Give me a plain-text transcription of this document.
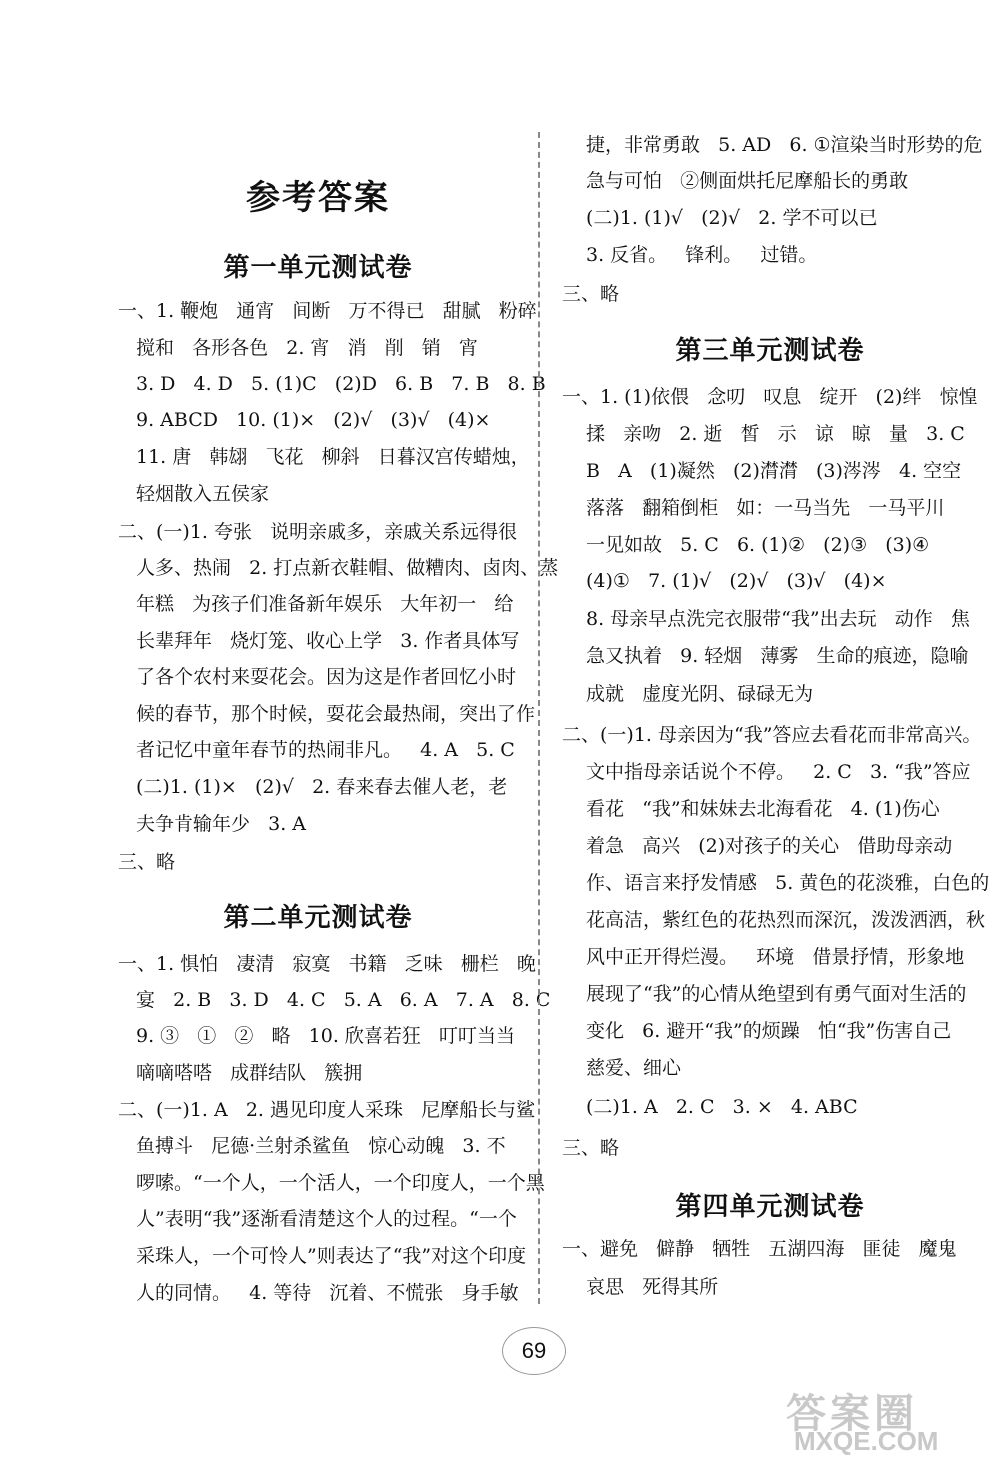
参考答案
第一单元测试卷
第二单元测试卷
一、1. 鞭炮   通宵   间断   万不得已   甜腻   粉碎
搅和   各形各色   2. 宵   消   削   销   宵
3. D   4. D   5. (1)C   (2)D   6. B   7. B   8. B
9. ABCD   10. (1)×   (2)√   (3)√   (4)×
11. 唐   韩翃   飞花   柳斜   日暮汉宫传蜡烛，
轻烟散入五侯家
二、(一)1. 夸张   说明亲戚多，亲戚关系远得很
人多、热闹   2. 打点新衣鞋帽、做糟肉、卤肉、蒸
年糕   为孩子们准备新年娱乐   大年初一   给
长辈拜年   烧灯笼、收心上学   3. 作者具体写
了各个农村来耍花会。因为这是作者回忆小时
候的春节，那个时候，耍花会最热闹，突出了作
者记忆中童年春节的热闹非凡。   4. A   5. C
(二)1. (1)×   (2)√   2. 春来春去催人老，老
夫争肯输年少   3. A
三、略
一、1. 惧怕   凄清   寂寞   书籍   乏味   栅栏   晚
宴   2. B   3. D   4. C   5. A   6. A   7. A   8. C
9. ③   ①   ②   略   10. 欣喜若狂   叮叮当当
嘀嘀嗒嗒   成群结队   簇拥
二、(一)1. A   2. 遇见印度人采珠   尼摩船长与鲨
鱼搏斗   尼德·兰射杀鲨鱼   惊心动魄   3. 不
啰嗦。“一个人，一个活人，一个印度人，一个黑
人”表明“我”逐渐看清楚这个人的过程。“一个
采珠人，一个可怜人”则表达了“我”对这个印度
人的同情。   4. 等待   沉着、不慌张   身手敏
第三单元测试卷
第四单元测试卷
捷，非常勇敢   5. AD   6. ①渲染当时形势的危
急与可怕   ②侧面烘托尼摩船长的勇敢
(二)1. (1)√   (2)√   2. 学不可以已
3. 反省。   锋利。   过错。
三、略
一、1. (1)依偎   念叨   叹息   绽开   (2)绊   惊惶
揉   亲吻   2. 逝   皙   示   谅   晾   量   3. C
B   A   (1)凝然   (2)潸潸   (3)涔涔   4. 空空
落落   翻箱倒柜   如：一马当先   一马平川
一见如故   5. C   6. (1)②   (2)③   (3)④
(4)①   7. (1)√   (2)√   (3)√   (4)×
8. 母亲早点洗完衣服带“我”出去玩   动作   焦
急又执着   9. 轻烟   薄雾   生命的痕迹，隐喻
成就   虚度光阴、碌碌无为
二、(一)1. 母亲因为“我”答应去看花而非常高兴。
文中指母亲话说个不停。   2. C   3. “我”答应
看花   “我”和妹妹去北海看花   4. (1)伤心
着急   高兴   (2)对孩子的关心   借助母亲动
作、语言来抒发情感   5. 黄色的花淡雅，白色的
花高洁，紫红色的花热烈而深沉，泼泼洒洒，秋
风中正开得烂漫。   环境   借景抒情，形象地
展现了“我”的心情从绝望到有勇气面对生活的
变化   6. 避开“我”的烦躁   怕“我”伤害自己
慈爱、细心
(二)1. A   2. C   3. ×   4. ABC
三、略
一、避免   僻静   牺牲   五湖四海   匪徒   魔鬼
哀思   死得其所
69
答案圈
MXQE.COM
